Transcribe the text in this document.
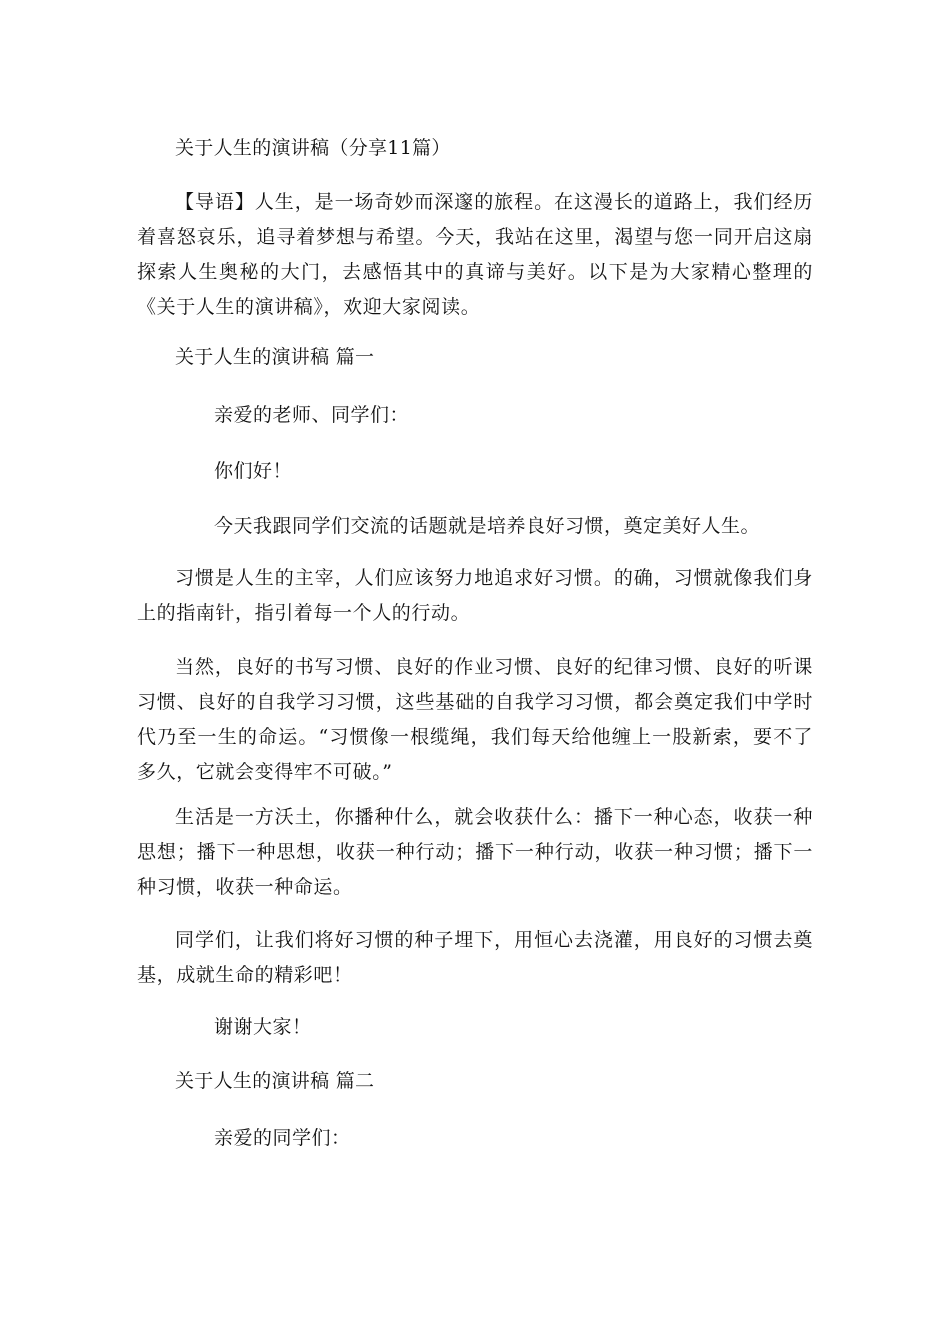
关于人生的演讲稿（分享11篇）
【导语】人生，是一场奇妙而深邃的旅程。在这漫长的道路上，我们经历着喜怒哀乐，追寻着梦想与希望。今天，我站在这里，渴望与您一同开启这扇探索人生奥秘的大门，去感悟其中的真谛与美好。以下是为大家精心整理的《关于人生的演讲稿》，欢迎大家阅读。
关于人生的演讲稿 篇一
亲爱的老师、同学们：
你们好！
今天我跟同学们交流的话题就是培养良好习惯，奠定美好人生。
习惯是人生的主宰，人们应该努力地追求好习惯。的确，习惯就像我们身上的指南针，指引着每一个人的行动。
当然，良好的书写习惯、良好的作业习惯、良好的纪律习惯、良好的听课习惯、良好的自我学习习惯，这些基础的自我学习习惯，都会奠定我们中学时代乃至一生的命运。“习惯像一根缆绳，我们每天给他缠上一股新索，要不了多久，它就会变得牢不可破。”
生活是一方沃土，你播种什么，就会收获什么：播下一种心态，收获一种思想；播下一种思想，收获一种行动；播下一种行动，收获一种习惯；播下一种习惯，收获一种命运。
同学们，让我们将好习惯的种子埋下，用恒心去浇灌，用良好的习惯去奠基，成就生命的精彩吧！
谢谢大家！
关于人生的演讲稿 篇二
亲爱的同学们：
